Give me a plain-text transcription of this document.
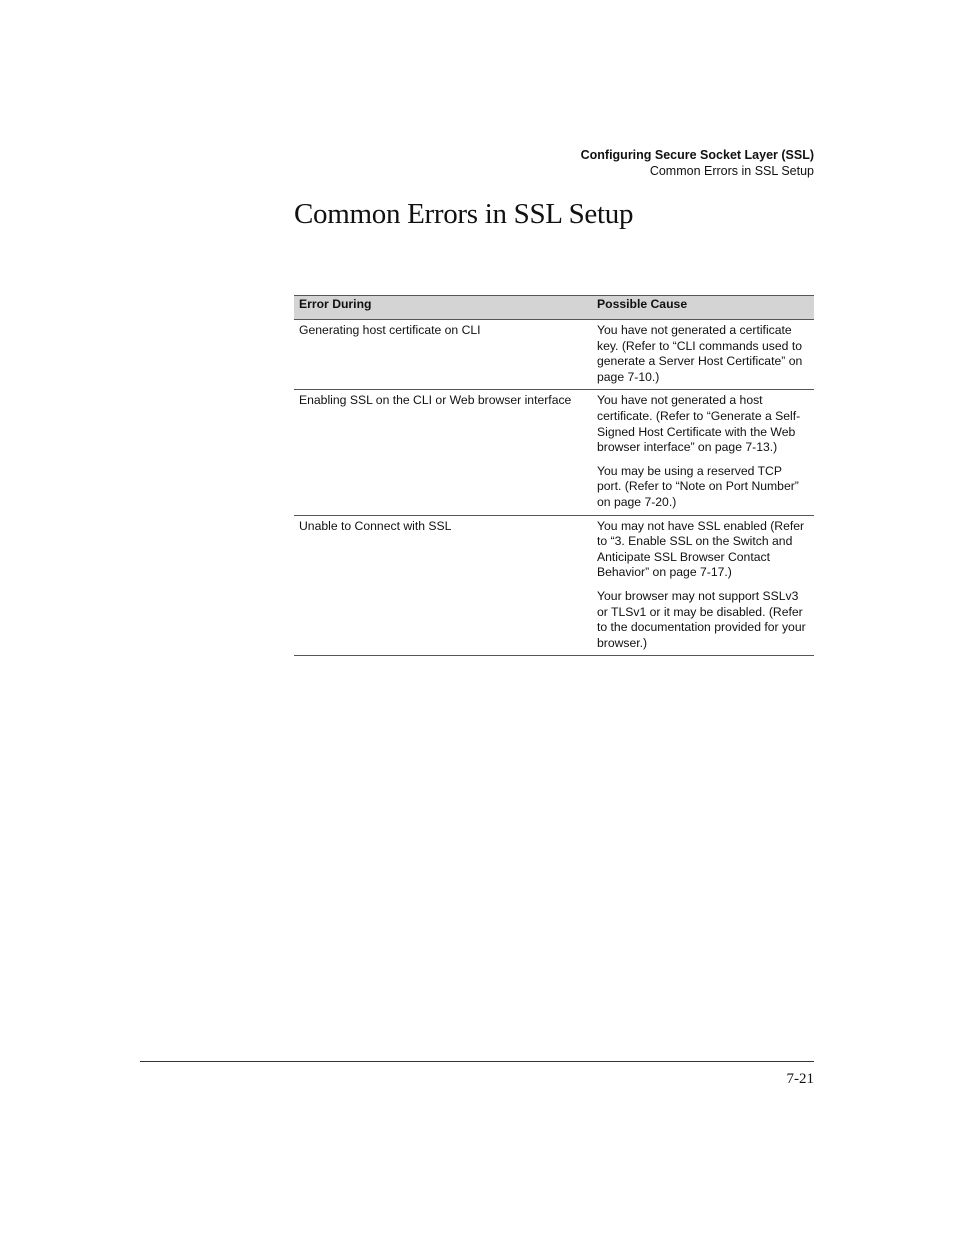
Configuring Secure Socket Layer (SSL)
Common Errors in SSL Setup
Common Errors in SSL Setup
Error During	Possible Cause
Generating host certificate on CLI	You have not generated a certificate key. (Refer to “CLI commands used to generate a Server Host Certificate” on page 7-10.)

Enabling SSL on the CLI or Web browser interface	You have not generated a host certificate. (Refer to “Generate a Self-Signed Host Certificate with the Web browser interface” on page 7-13.)

You may be using a reserved TCP port. (Refer to “Note on Port Number” on page 7-20.)

Unable to Connect with SSL	You may not have SSL enabled (Refer to “3. Enable SSL on the Switch and Anticipate SSL Browser Contact Behavior” on page 7-17.)

Your browser may not support SSLv3 or TLSv1 or it may be disabled. (Refer to the documentation provided for your browser.)

7-21
